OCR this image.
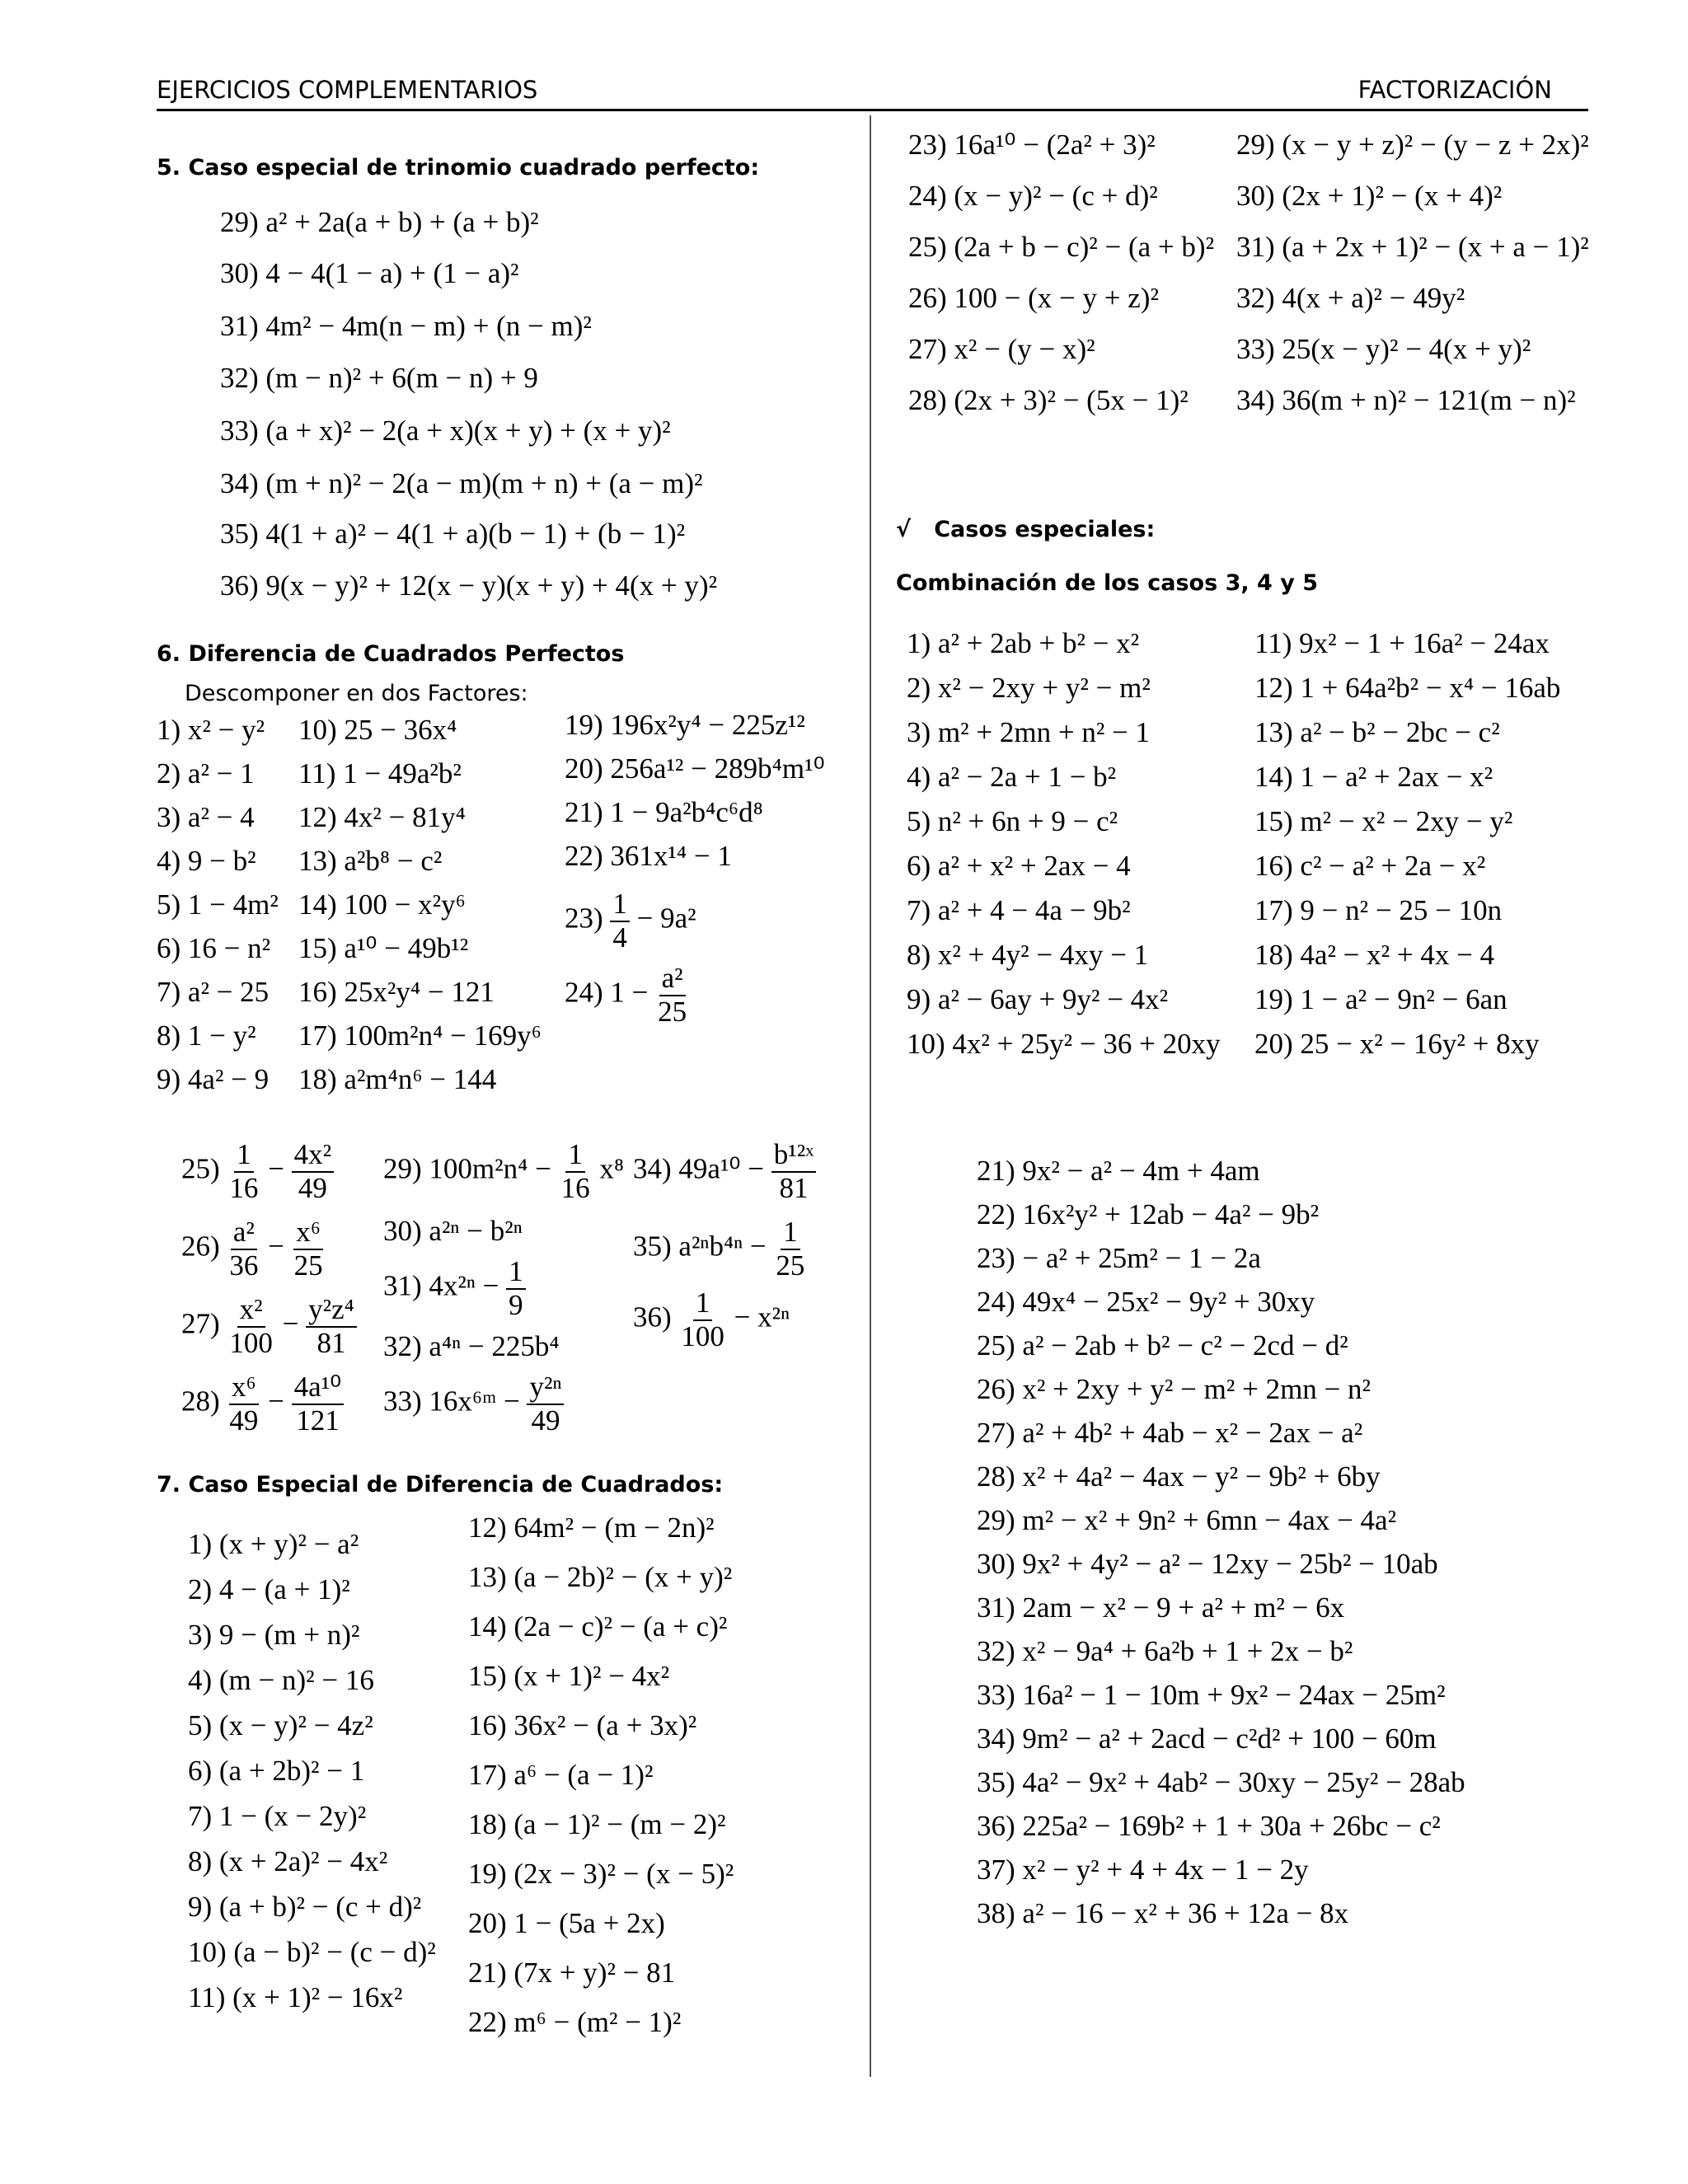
EJERCICIOS COMPLEMENTARIOS	FACTORIZACIÓN
5. Caso especial de trinomio cuadrado perfecto:
29) a² + 2a(a + b) + (a + b)²
30) 4 − 4(1 − a) + (1 − a)²
31) 4m² − 4m(n − m) + (n − m)²
32) (m − n)² + 6(m − n) + 9
33) (a + x)² − 2(a + x)(x + y) + (x + y)²
34) (m + n)² − 2(a − m)(m + n) + (a − m)²
35) 4(1 + a)² − 4(1 + a)(b − 1) + (b − 1)²
36) 9(x − y)² + 12(x − y)(x + y) + 4(x + y)²
6. Diferencia de Cuadrados Perfectos
Descomponer en dos Factores:
1) x² − y²
2) a² − 1
3) a² − 4
4) 9 − b²
5) 1 − 4m²
6) 16 − n²
7) a² − 25
8) 1 − y²
9) 4a² − 9
10) 25 − 36x⁴
11) 1 − 49a²b²
12) 4x² − 81y⁴
13) a²b⁸ − c²
14) 100 − x²y⁶
15) a¹⁰ − 49b¹²
16) 25x²y⁴ − 121
17) 100m²n⁴ − 169y⁶
18) a²m⁴n⁶ − 144
19) 196x²y⁴ − 225z¹²
20) 256a¹² − 289b⁴m¹⁰
21) 1 − 9a²b⁴c⁶d⁸
22) 361x¹⁴ − 1
$23) \frac{1}{4} - 9a^2$
24) $1 - \frac{\text{a²}}{25}$
$25) \frac{1}{16} - \frac{\text{4x²}}{49}$
$26) \frac{\text{a²}}{36} - \frac{\text{x⁶}}{25}$
$27) \frac{\text{x²}}{100} - \frac{\text{y²z⁴}}{81}$
$28) \frac{\text{x⁶}}{49} - \frac{\text{4a¹⁰}}{121}$
29) $100m^2n^4 - \frac{1}{16} x^8$
30) a²ⁿ − b²ⁿ
31) $4x^{2n} - \frac{1}{9}$
32) a⁴ⁿ − 225b⁴
33) 16x⁶ᵐ − $\frac{\text{y²ⁿ}}{49}$
34) $49a^{10} - \frac{\text{b¹²ˣ}}{81}$
35) $a^{2n}b^{4n} - \frac{1}{25}$
$36) \frac{1}{100} - x^{2n}$
7. Caso Especial de Diferencia de Cuadrados:
1) (x + y)² − a²
2) 4 − (a + 1)²
3) 9 − (m + n)²
4) (m − n)² − 16
5) (x − y)² − 4z²
6) (a + 2b)² − 1
7) 1 − (x − 2y)²
8) (x + 2a)² − 4x²
9) (a + b)² − (c + d)²
10) (a − b)² − (c − d)²
11) (x + 1)² − 16x²
12) 64m² − (m − 2n)²
13) (a − 2b)² − (x + y)²
14) (2a − c)² − (a + c)²
15) (x + 1)² − 4x²
16) 36x² − (a + 3x)²
17) a⁶ − (a − 1)²
18) (a − 1)² − (m − 2)²
19) (2x − 3)² − (x − 5)²
20) 1 − (5a + 2x)
21) (7x + y)² − 81
22) m⁶ − (m² − 1)²
23) 16a¹⁰ − (2a² + 3)²
24) (x − y)² − (c + d)²
25) (2a + b − c)² − (a + b)²
26) 100 − (x − y + z)²
27) x² − (y − x)²
28) (2x + 3)² − (5x − 1)²
29) (x − y + z)² − (y − z + 2x)²
30) (2x + 1)² − (x + 4)²
31) (a + 2x + 1)² − (x + a − 1)²
32) 4(x + a)² − 49y²
33) 25(x − y)² − 4(x + y)²
34) 36(m + n)² − 121(m − n)²
√ Casos especiales:
Combinación de los casos 3, 4 y 5
1) a² + 2ab + b² − x²
2) x² − 2xy + y² − m²
3) m² + 2mn + n² − 1
4) a² − 2a + 1 − b²
5) n² + 6n + 9 − c²
6) a² + x² + 2ax − 4
7) a² + 4 − 4a − 9b²
8) x² + 4y² − 4xy − 1
9) a² − 6ay + 9y² − 4x²
10) 4x² + 25y² − 36 + 20xy
11) 9x² − 1 + 16a² − 24ax
12) 1 + 64a²b² − x⁴ − 16ab
13) a² − b² − 2bc − c²
14) 1 − a² + 2ax − x²
15) m² − x² − 2xy − y²
16) c² − a² + 2a − x²
17) 9 − n² − 25 − 10n
18) 4a² − x² + 4x − 4
19) 1 − a² − 9n² − 6an
20) 25 − x² − 16y² + 8xy
21) 9x² − a² − 4m + 4am
22) 16x²y² + 12ab − 4a² − 9b²
23) − a² + 25m² − 1 − 2a
24) 49x⁴ − 25x² − 9y² + 30xy
25) a² − 2ab + b² − c² − 2cd − d²
26) x² + 2xy + y² − m² + 2mn − n²
27) a² + 4b² + 4ab − x² − 2ax − a²
28) x² + 4a² − 4ax − y² − 9b² + 6by
29) m² − x² + 9n² + 6mn − 4ax − 4a²
30) 9x² + 4y² − a² − 12xy − 25b² − 10ab
31) 2am − x² − 9 + a² + m² − 6x
32) x² − 9a⁴ + 6a²b + 1 + 2x − b²
33) 16a² − 1 − 10m + 9x² − 24ax − 25m²
34) 9m² − a² + 2acd − c²d² + 100 − 60m
35) 4a² − 9x² + 4ab² − 30xy − 25y² − 28ab
36) 225a² − 169b² + 1 + 30a + 26bc − c²
37) x² − y² + 4 + 4x − 1 − 2y
38) a² − 16 − x² + 36 + 12a − 8x
